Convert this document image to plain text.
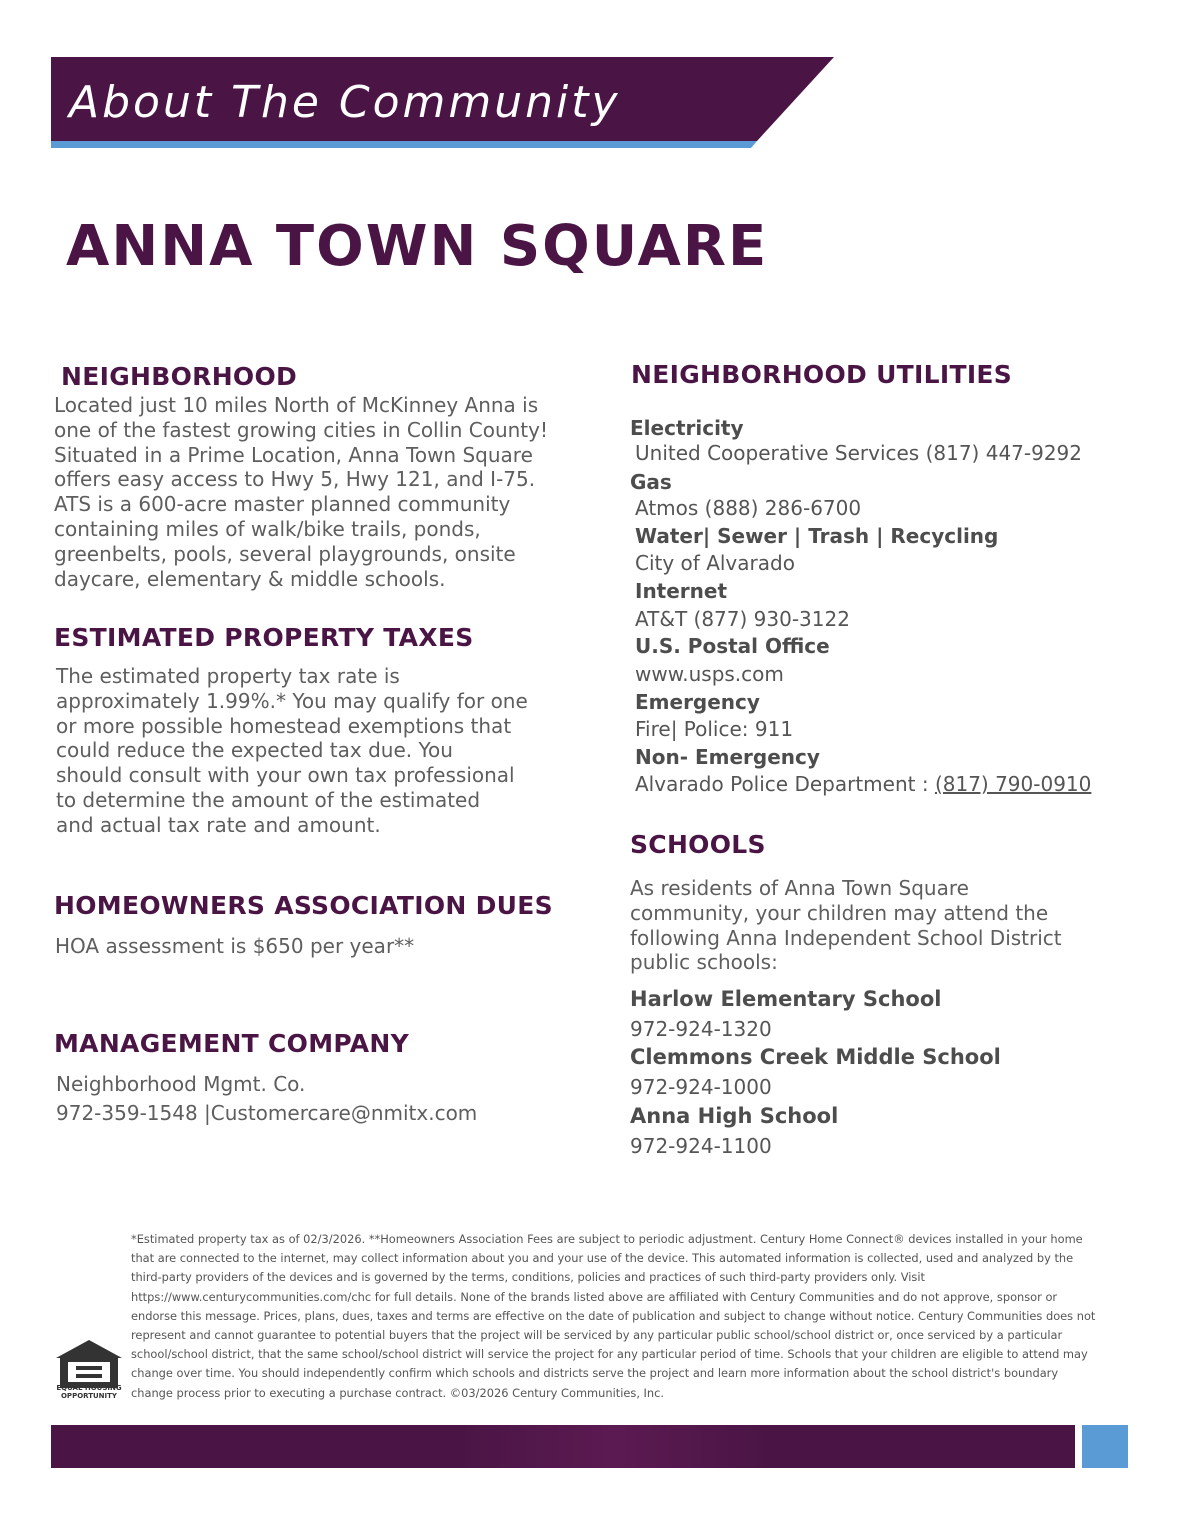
About The Community
ANNA TOWN SQUARE
NEIGHBORHOOD
Located just 10 miles North of McKinney Anna is
one of the fastest growing cities in Collin County!
Situated in a Prime Location, Anna Town Square
offers easy access to Hwy 5, Hwy 121, and I-75.
ATS is a 600-acre master planned community
containing miles of walk/bike trails, ponds,
greenbelts, pools, several playgrounds, onsite
daycare, elementary & middle schools.
ESTIMATED PROPERTY TAXES
The estimated property tax rate is
approximately 1.99%.* You may qualify for one
or more possible homestead exemptions that
could reduce the expected tax due. You
should consult with your own tax professional
to determine the amount of the estimated
and actual tax rate and amount.
HOMEOWNERS ASSOCIATION DUES
HOA assessment is $650 per year**
MANAGEMENT COMPANY
Neighborhood Mgmt. Co.
972-359-1548 |Customercare@nmitx.com
NEIGHBORHOOD UTILITIES
Electricity
United Cooperative Services (817) 447-9292
Gas
Atmos (888) 286-6700
Water| Sewer | Trash | Recycling
City of Alvarado
Internet
AT&T (877) 930-3122
U.S. Postal Office
www.usps.com
Emergency
Fire| Police: 911
Non- Emergency
Alvarado Police Department : (817) 790-0910
SCHOOLS
As residents of Anna Town Square
community, your children may attend the
following Anna Independent School District
public schools:
Harlow Elementary School
972-924-1320
Clemmons Creek Middle School
972-924-1000
Anna High School
972-924-1100
*Estimated property tax as of 02/3/2026. **Homeowners Association Fees are subject to periodic adjustment. Century Home Connect® devices installed in your home
that are connected to the internet, may collect information about you and your use of the device. This automated information is collected, used and analyzed by the
third-party providers of the devices and is governed by the terms, conditions, policies and practices of such third-party providers only. Visit
https://www.centurycommunities.com/chc for full details. None of the brands listed above are affiliated with Century Communities and do not approve, sponsor or
endorse this message. Prices, plans, dues, taxes and terms are effective on the date of publication and subject to change without notice. Century Communities does not
represent and cannot guarantee to potential buyers that the project will be serviced by any particular public school/school district or, once serviced by a particular
school/school district, that the same school/school district will service the project for any particular period of time. Schools that your children are eligible to attend may
change over time. You should independently confirm which schools and districts serve the project and learn more information about the school district's boundary
change process prior to executing a purchase contract. ©03/2026 Century Communities, Inc.
EQUAL HOUSING
OPPORTUNITY
